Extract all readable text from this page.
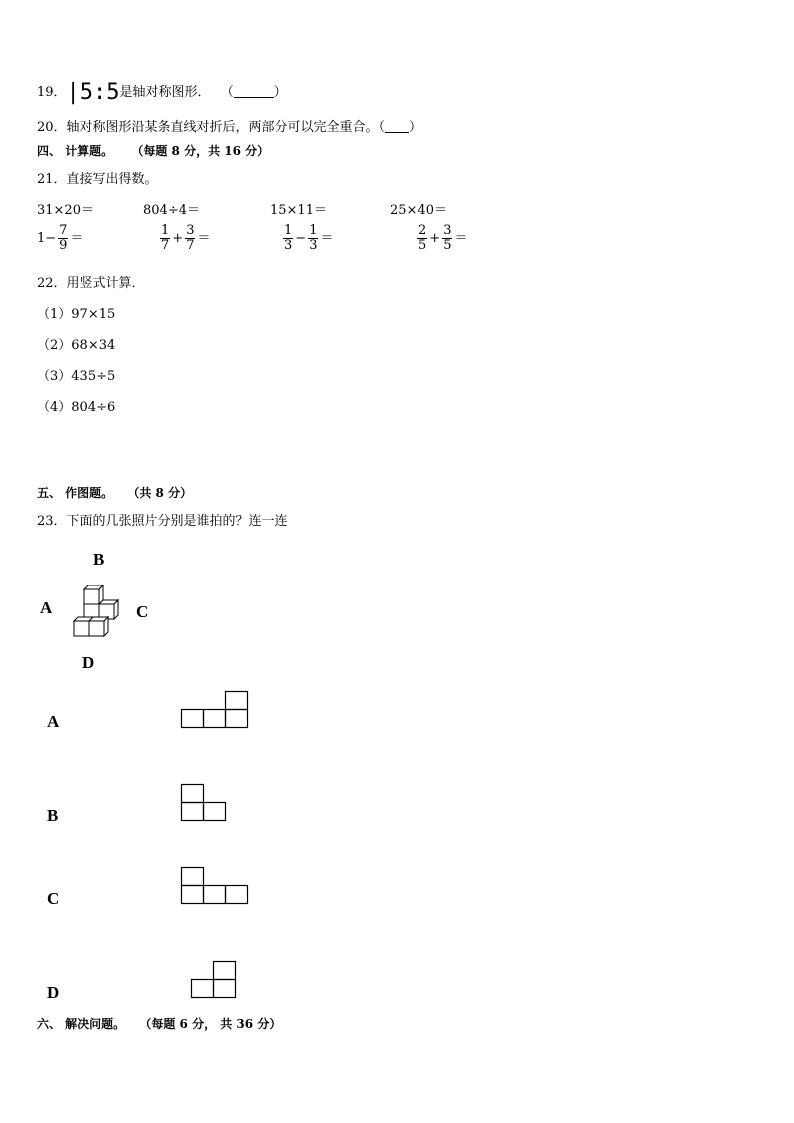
19．|5:5是轴对称图形． （	）
20．轴对称图形沿某条直线对折后，两部分可以完全重合。（ ）
四、 计算题。 （每题 8 分，共 16 分）
21．直接写出得数。
31×20＝	804÷4＝	15×11＝	25×40＝
$1- \frac{7}{9}$ ＝	$\frac{1}{7} + \frac{3}{7}$ ＝	$\frac{1}{3} - \frac{1}{3}$ ＝	$\frac{2}{5} + \frac{3}{5}$ ＝
22．用竖式计算．
（1）97×15
（2）68×34
（3）435÷5
（4）804÷6
五、 作图题。 （共 8 分）
23．下面的几张照片分别是谁拍的？连一连
B
A	C
D
A
B
C
D
六、 解决问题。 （每题 6 分， 共 36 分）
